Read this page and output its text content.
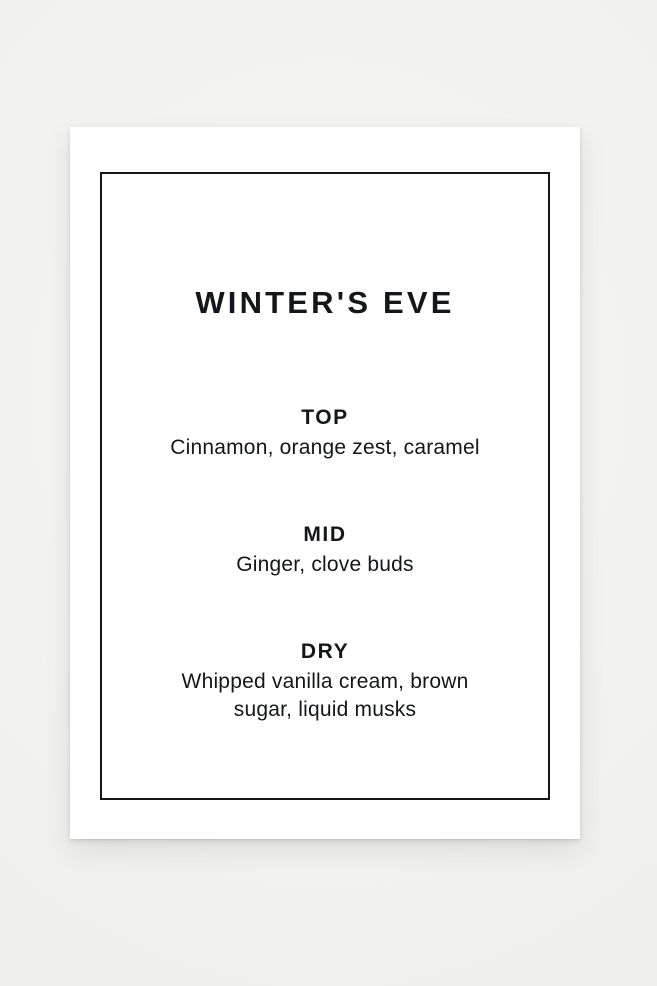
WINTER'S EVE
TOP
Cinnamon, orange zest, caramel
MID
Ginger, clove buds
DRY
Whipped vanilla cream, brown sugar, liquid musks
